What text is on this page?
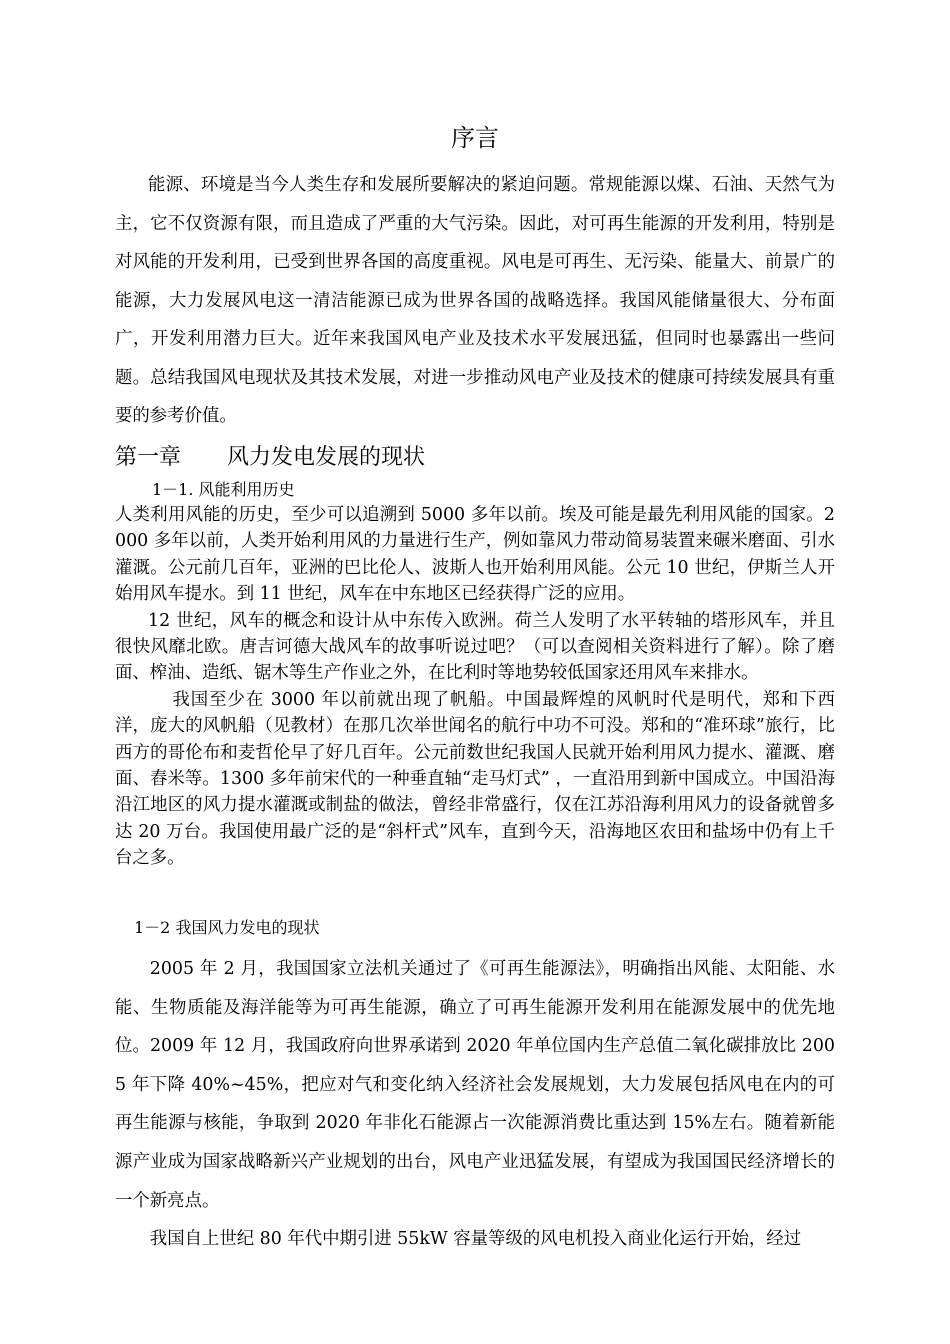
序言
能源、环境是当今人类生存和发展所要解决的紧迫问题。常规能源以煤、石油、天然气为主，它不仅资源有限，而且造成了严重的大气污染。因此，对可再生能源的开发利用，特别是对风能的开发利用，已受到世界各国的高度重视。风电是可再生、无污染、能量大、前景广的能源，大力发展风电这一清洁能源已成为世界各国的战略选择。我国风能储量很大、分布面广，开发利用潜力巨大。近年来我国风电产业及技术水平发展迅猛，但同时也暴露出一些问题。总结我国风电现状及其技术发展，对进一步推动风电产业及技术的健康可持续发展具有重要的参考价值。
第一章 风力发电发展的现状
1－1. 风能利用历史

人类利用风能的历史，至少可以追溯到 5000 多年以前。埃及可能是最先利用风能的国家。2000 多年以前，人类开始利用风的力量进行生产，例如靠风力带动简易装置来碾米磨面、引水灌溉。公元前几百年，亚洲的巴比伦人、波斯人也开始利用风能。公元 10 世纪，伊斯兰人开始用风车提水。到 11 世纪，风车在中东地区已经获得广泛的应用。

12 世纪，风车的概念和设计从中东传入欧洲。荷兰人发明了水平转轴的塔形风车，并且很快风靡北欧。唐吉诃德大战风车的故事听说过吧？（可以查阅相关资料进行了解）。除了磨面、榨油、造纸、锯木等生产作业之外，在比利时等地势较低国家还用风车来排水。

我国至少在 3000 年以前就出现了帆船。中国最辉煌的风帆时代是明代，郑和下西洋，庞大的风帆船（见教材）在那几次举世闻名的航行中功不可没。郑和的“准环球”旅行，比西方的哥伦布和麦哲伦早了好几百年。公元前数世纪我国人民就开始利用风力提水、灌溉、磨面、舂米等。1300 多年前宋代的一种垂直轴“走马灯式” ，一直沿用到新中国成立。中国沿海沿江地区的风力提水灌溉或制盐的做法，曾经非常盛行，仅在江苏沿海利用风力的设备就曾多达 20 万台。我国使用最广泛的是“斜杆式”风车，直到今天，沿海地区农田和盐场中仍有上千台之多。

1－2 我国风力发电的现状

2005 年 2 月，我国国家立法机关通过了《可再生能源法》，明确指出风能、太阳能、水能、生物质能及海洋能等为可再生能源，确立了可再生能源开发利用在能源发展中的优先地位。2009 年 12 月，我国政府向世界承诺到 2020 年单位国内生产总值二氧化碳排放比 2005 年下降 40%~45%，把应对气和变化纳入经济社会发展规划，大力发展包括风电在内的可再生能源与核能，争取到 2020 年非化石能源占一次能源消费比重达到 15%左右。随着新能源产业成为国家战略新兴产业规划的出台，风电产业迅猛发展，有望成为我国国民经济增长的一个新亮点。

我国自上世纪 80 年代中期引进 55kW 容量等级的风电机投入商业化运行开始，经过
